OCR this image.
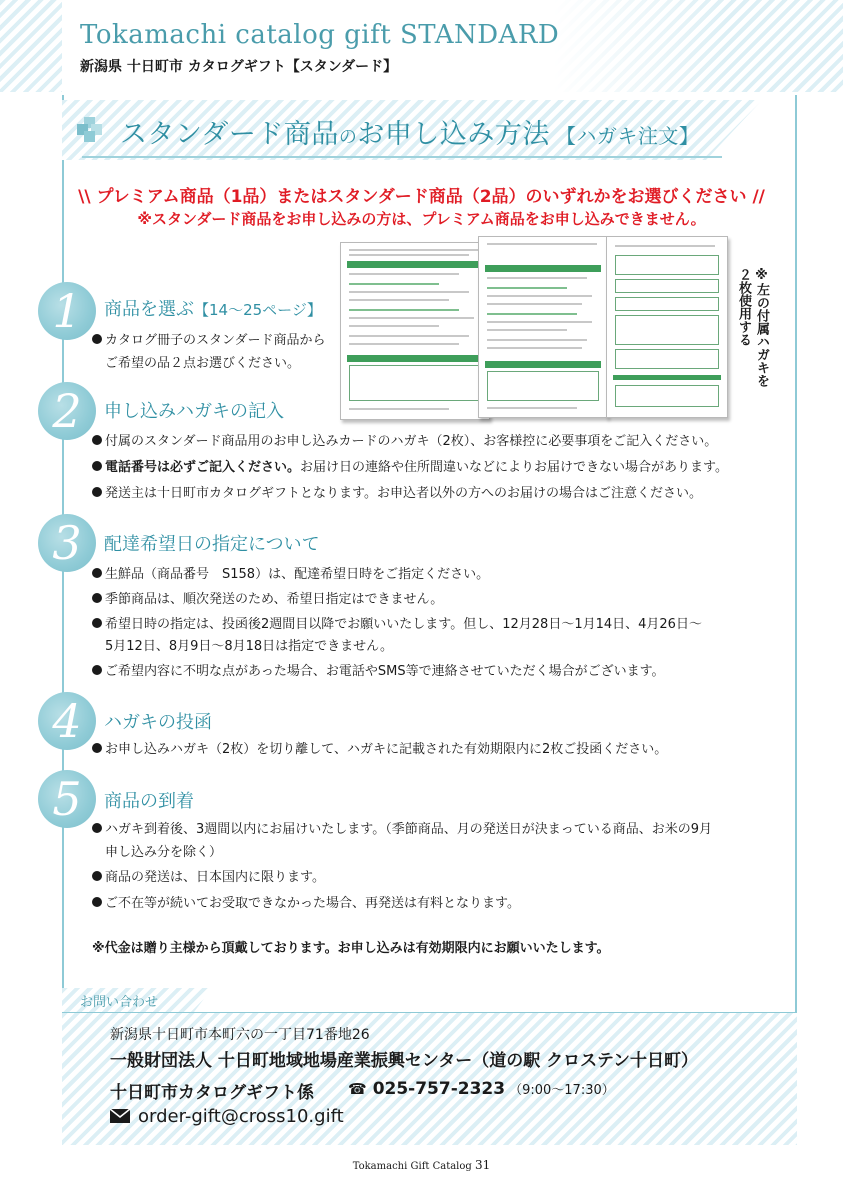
Tokamachi catalog gift STANDARD
新潟県 十日町市 カタログギフト【スタンダード】
スタンダード商品のお申し込み方法 【ハガキ注文】
\\ プレミアム商品（1品）またはスタンダード商品（2品）のいずれかをお選びください //
※スタンダード商品をお申し込みの方は、プレミアム商品をお申し込みできません。
※左の付属ハガキを
２枚使用する
1	商品を選ぶ【14〜25ページ】
カタログ冊子のスタンダード商品から
ご希望の品２点お選びください。
2	申し込みハガキの記入
付属のスタンダード商品用のお申し込みカードのハガキ（2枚）、お客様控に必要事項をご記入ください。
電話番号は必ずご記入ください。お届け日の連絡や住所間違いなどによりお届けできない場合があります。
発送主は十日町市カタログギフトとなります。お申込者以外の方へのお届けの場合はご注意ください。
3	配達希望日の指定について
生鮮品（商品番号　S158）は、配達希望日時をご指定ください。
季節商品は、順次発送のため、希望日指定はできません。
希望日時の指定は、投函後2週間目以降でお願いいたします。但し、12月28日〜1月14日、4月26日〜
5月12日、8月9日〜8月18日は指定できません。
ご希望内容に不明な点があった場合、お電話やSMS等で連絡させていただく場合がございます。
4	ハガキの投函
お申し込みハガキ（2枚）を切り離して、ハガキに記載された有効期限内に2枚ご投函ください。
5	商品の到着
ハガキ到着後、3週間以内にお届けいたします。（季節商品、月の発送日が決まっている商品、お米の9月
申し込み分を除く）
商品の発送は、日本国内に限ります。
ご不在等が続いてお受取できなかった場合、再発送は有料となります。
※代金は贈り主様から頂戴しております。お申し込みは有効期限内にお願いいたします。
お問い合わせ
新潟県十日町市本町六の一丁目71番地26
一般財団法人 十日町地域地場産業振興センター（道の駅 クロステン十日町）
十日町市カタログギフト係 ☎ 025-757-2323 （9:00〜17:30）
order-gift@cross10.gift
Tokamachi Gift Catalog 31
